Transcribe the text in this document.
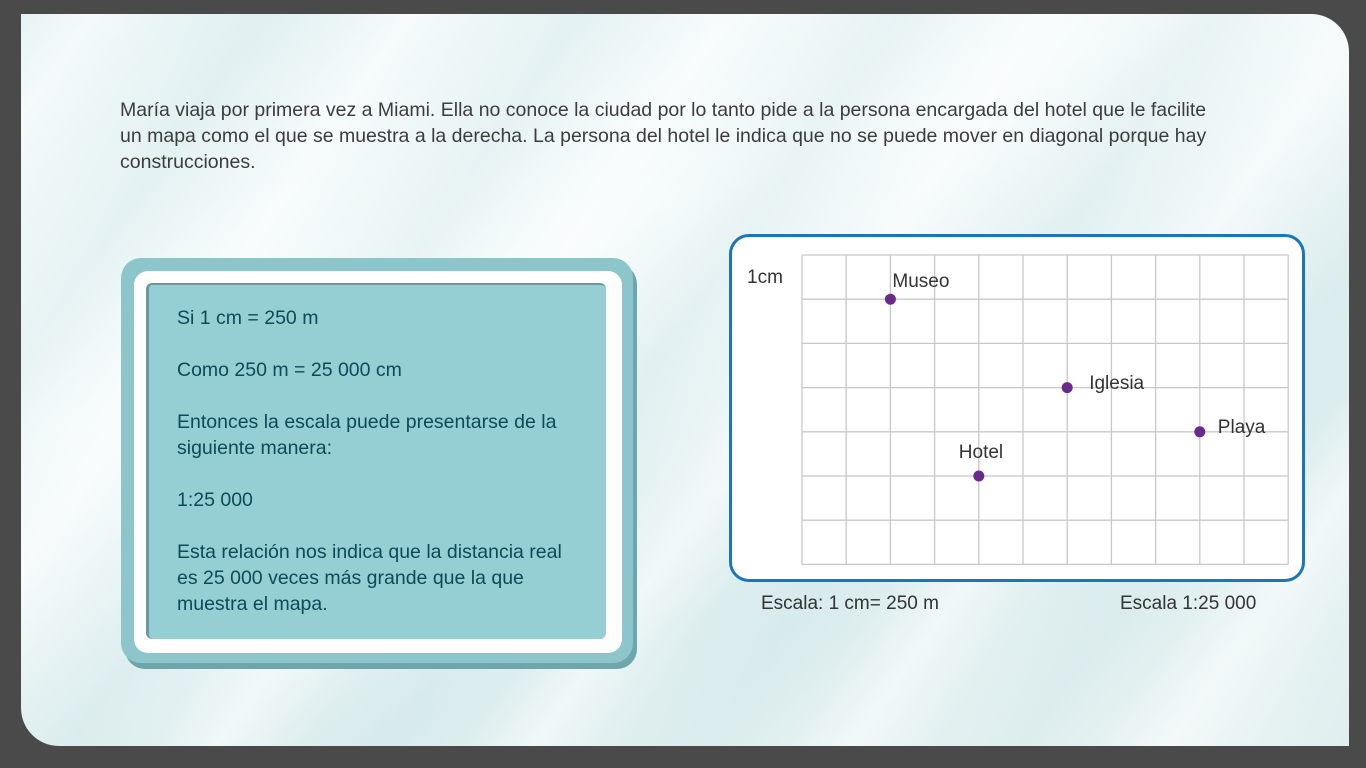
María viaja por primera vez a Miami. Ella no conoce la ciudad por lo tanto pide a la persona encargada del hotel que le facilite un mapa como el que se muestra a la derecha. La persona del hotel le indica que no se puede mover en diagonal porque hay construcciones.

Si 1 cm = 250 m

Como 250 m = 25 000 cm

Entonces la escala puede presentarse de la siguiente manera:

1:25 000

Esta relación nos indica que la distancia real es 25 000 veces más grande que la que muestra el mapa.

1cm	Museo
Iglesia
Playa
Hotel
Escala: 1 cm= 250 m	Escala 1:25 000
